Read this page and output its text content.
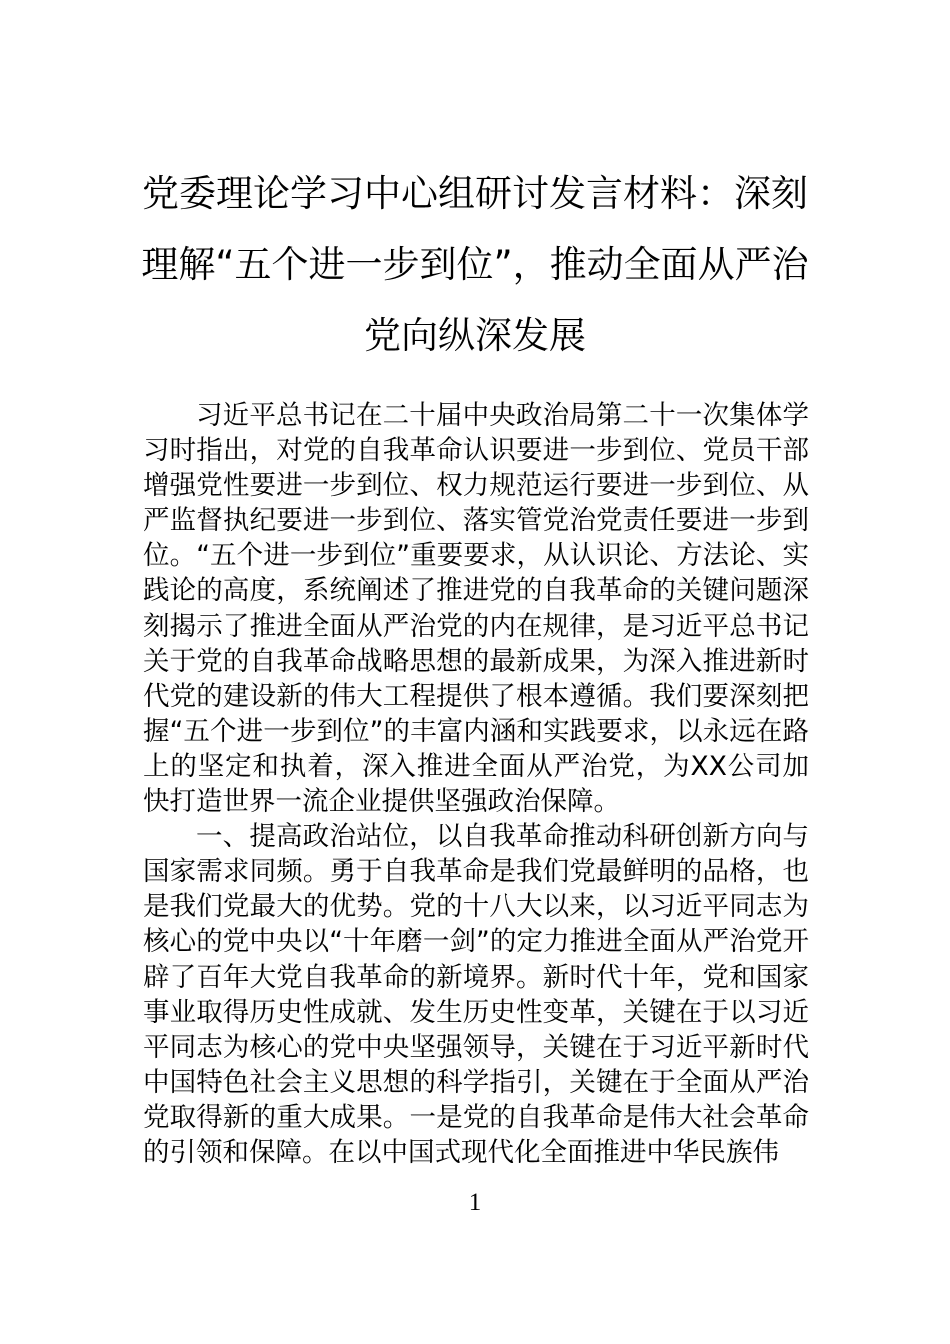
党委理论学习中心组研讨发言材料：深刻理解“五个进一步到位”，推动全面从严治党向纵深发展

习近平总书记在二十届中央政治局第二十一次集体学习时指出，对党的自我革命认识要进一步到位、党员干部增强党性要进一步到位、权力规范运行要进一步到位、从严监督执纪要进一步到位、落实管党治党责任要进一步到位。“五个进一步到位”重要要求，从认识论、方法论、实践论的高度，系统阐述了推进党的自我革命的关键问题深刻揭示了推进全面从严治党的内在规律，是习近平总书记关于党的自我革命战略思想的最新成果，为深入推进新时代党的建设新的伟大工程提供了根本遵循。我们要深刻把握“五个进一步到位”的丰富内涵和实践要求，以永远在路上的坚定和执着，深入推进全面从严治党，为XX公司加快打造世界一流企业提供坚强政治保障。

一、提高政治站位，以自我革命推动科研创新方向与国家需求同频。勇于自我革命是我们党最鲜明的品格，也是我们党最大的优势。党的十八大以来，以习近平同志为核心的党中央以“十年磨一剑”的定力推进全面从严治党开辟了百年大党自我革命的新境界。新时代十年，党和国家事业取得历史性成就、发生历史性变革，关键在于以习近平同志为核心的党中央坚强领导，关键在于习近平新时代中国特色社会主义思想的科学指引，关键在于全面从严治党取得新的重大成果。一是党的自我革命是伟大社会革命的引领和保障。在以中国式现代化全面推进中华民族伟

1
